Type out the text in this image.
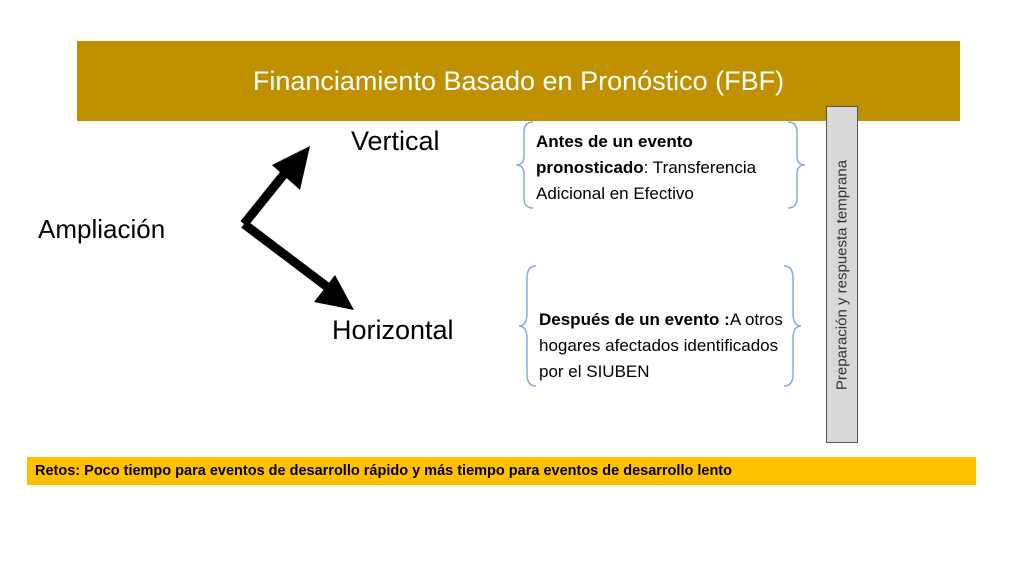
Financiamiento Basado en Pronóstico (FBF)
Ampliación
Vertical
Horizontal
Antes de un evento pronosticado: Transferencia Adicional en Efectivo
Después de un evento :A otros hogares afectados identificados por el SIUBEN	Preparación y respuesta temprana
Retos: Poco tiempo para eventos de desarrollo rápido y más tiempo para eventos de desarrollo lento
